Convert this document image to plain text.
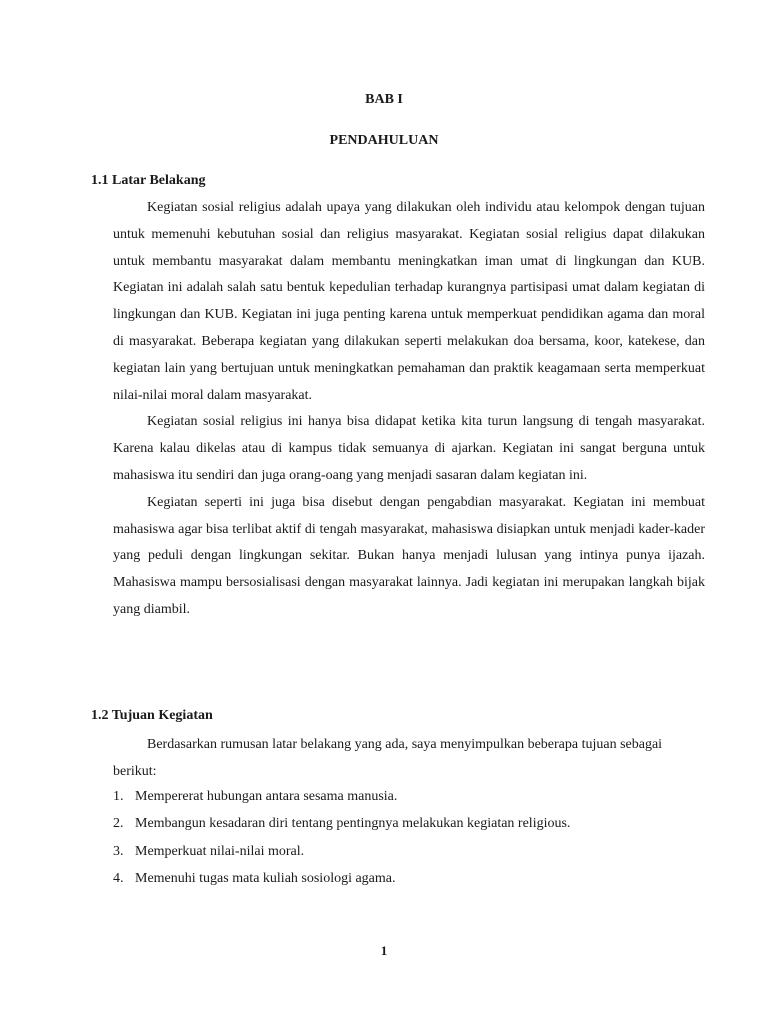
BAB I
PENDAHULUAN
1.1 Latar Belakang

Kegiatan sosial religius adalah upaya yang dilakukan oleh individu atau kelompok dengan tujuan untuk memenuhi kebutuhan sosial dan religius masyarakat. Kegiatan sosial religius dapat dilakukan untuk membantu masyarakat dalam membantu meningkatkan iman umat di lingkungan dan KUB. Kegiatan ini adalah salah satu bentuk kepedulian terhadap kurangnya partisipasi umat dalam kegiatan di lingkungan dan KUB. Kegiatan ini juga penting karena untuk memperkuat pendidikan agama dan moral di masyarakat. Beberapa kegiatan yang dilakukan seperti melakukan doa bersama, koor, katekese, dan kegiatan lain yang bertujuan untuk meningkatkan pemahaman dan praktik keagamaan serta memperkuat nilai-nilai moral dalam masyarakat.

Kegiatan sosial religius ini hanya bisa didapat ketika kita turun langsung di tengah masyarakat. Karena kalau dikelas atau di kampus tidak semuanya di ajarkan. Kegiatan ini sangat berguna untuk mahasiswa itu sendiri dan juga orang-oang yang menjadi sasaran dalam kegiatan ini.

Kegiatan seperti ini juga bisa disebut dengan pengabdian masyarakat. Kegiatan ini membuat mahasiswa agar bisa terlibat aktif di tengah masyarakat, mahasiswa disiapkan untuk menjadi kader-kader yang peduli dengan lingkungan sekitar. Bukan hanya menjadi lulusan yang intinya punya ijazah. Mahasiswa mampu bersosialisasi dengan masyarakat lainnya. Jadi kegiatan ini merupakan langkah bijak yang diambil.

1.2 Tujuan Kegiatan

Berdasarkan rumusan latar belakang yang ada, saya menyimpulkan beberapa tujuan sebagai berikut:

1. Mempererat hubungan antara sesama manusia.
2. Membangun kesadaran diri tentang pentingnya melakukan kegiatan religious.
3. Memperkuat nilai-nilai moral.
4. Memenuhi tugas mata kuliah sosiologi agama.
1
